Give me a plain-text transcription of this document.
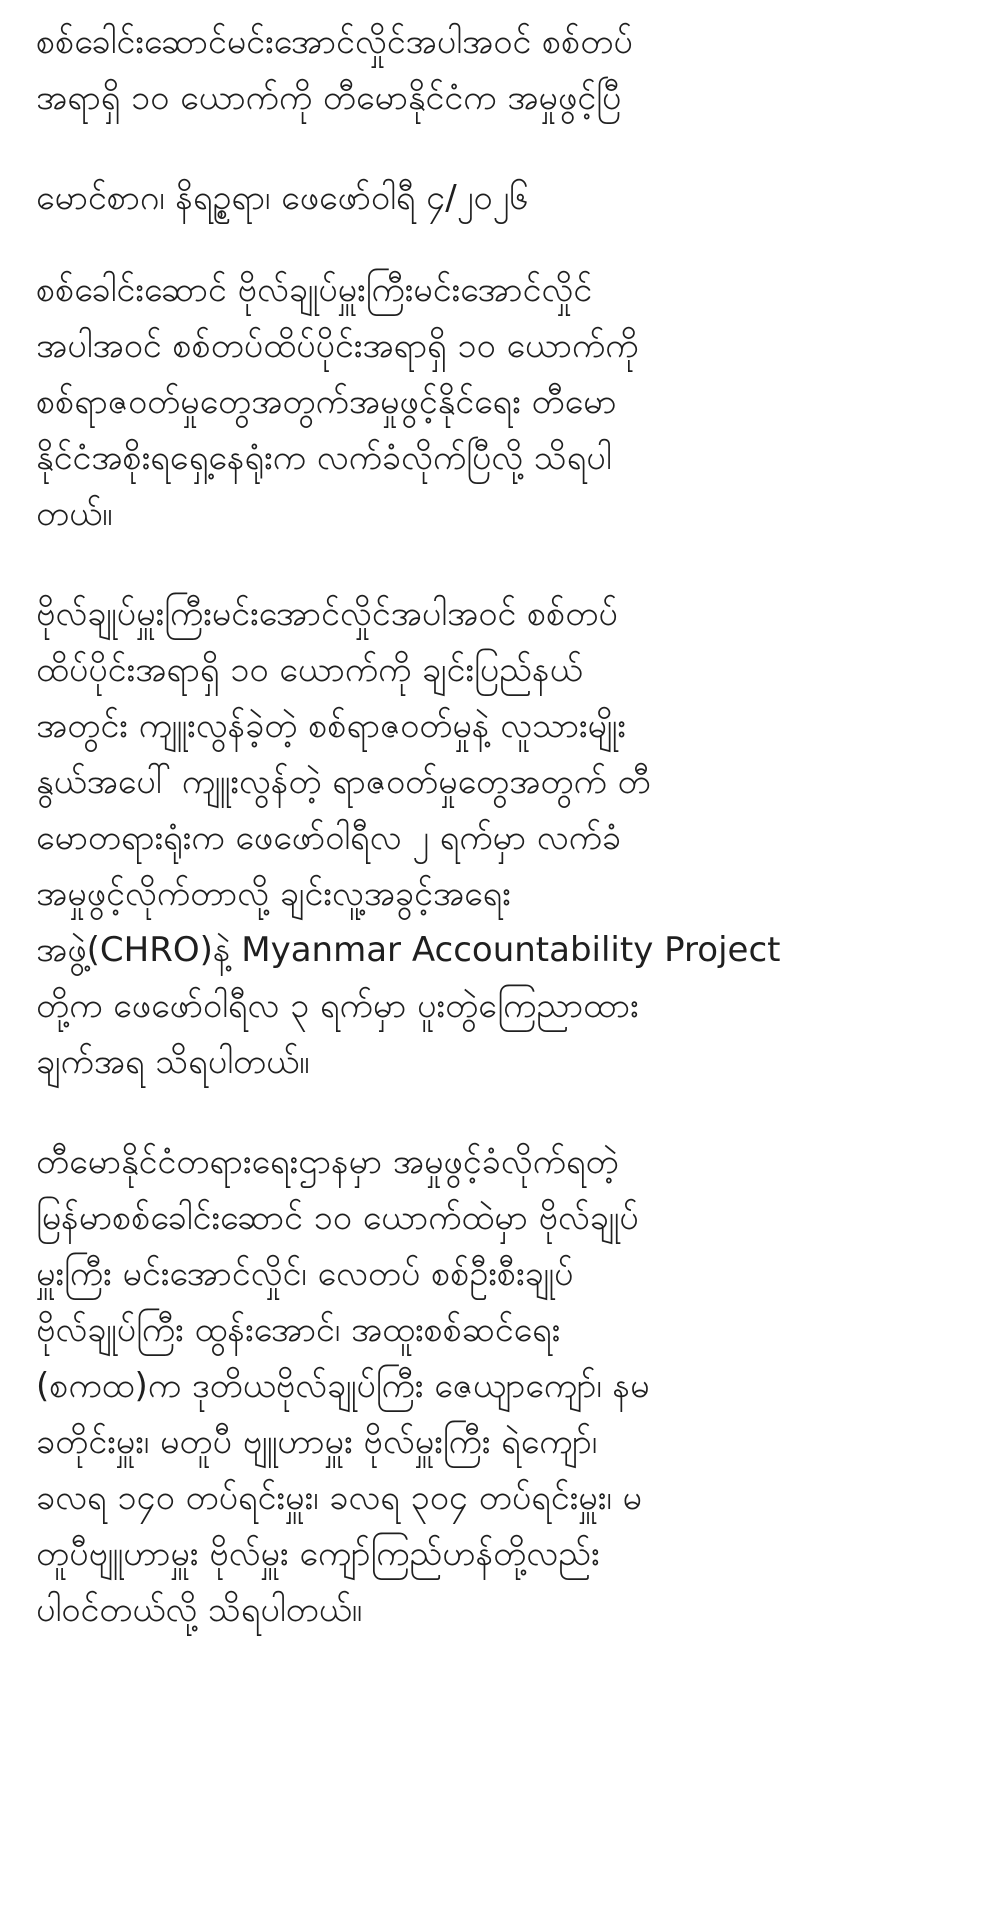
စစ်ခေါင်းဆောင်မင်းအောင်လှိုင်အပါအဝင် စစ်တပ်
အရာရှိ ၁၀ ယောက်ကို တီမောနိုင်ငံက အမှုဖွင့်ပြီ

မောင်စာဂ၊ နိရဥ္စရာ၊ ဖေဖော်ဝါရီ ၄/၂၀၂၆

စစ်ခေါင်းဆောင် ဗိုလ်ချုပ်မှူးကြီးမင်းအောင်လှိုင်
အပါအဝင် စစ်တပ်ထိပ်ပိုင်းအရာရှိ ၁၀ ယောက်ကို
စစ်ရာဇဝတ်မှုတွေအတွက်အမှုဖွင့်နိုင်ရေး တီမော
နိုင်ငံအစိုးရရှေ့နေရုံးက လက်ခံလိုက်ပြီလို့ သိရပါ
တယ်။

ဗိုလ်ချုပ်မှူးကြီးမင်းအောင်လှိုင်အပါအဝင် စစ်တပ်
ထိပ်ပိုင်းအရာရှိ ၁၀ ယောက်ကို ချင်းပြည်နယ်
အတွင်း ကျူးလွန်ခဲ့တဲ့ စစ်ရာဇဝတ်မှုနဲ့ လူသားမျိုး
နွယ်အပေါ် ကျူးလွန်တဲ့ ရာဇဝတ်မှုတွေအတွက် တီ
မောတရားရုံးက ဖေဖော်ဝါရီလ ၂ ရက်မှာ လက်ခံ
အမှုဖွင့်လိုက်တာလို့ ချင်းလူ့အခွင့်အရေး
အဖွဲ့(CHRO)နဲ့ Myanmar Accountability Project
တို့က ဖေဖော်ဝါရီလ ၃ ရက်မှာ ပူးတွဲကြေညာထား
ချက်အရ သိရပါတယ်။

တီမောနိုင်ငံတရားရေးဌာနမှာ အမှုဖွင့်ခံလိုက်ရတဲ့
မြန်မာစစ်ခေါင်းဆောင် ၁၀ ယောက်ထဲမှာ ဗိုလ်ချုပ်
မှူးကြီး မင်းအောင်လှိုင်၊ လေတပ် စစ်ဦးစီးချုပ်
ဗိုလ်ချုပ်ကြီး ထွန်းအောင်၊ အထူးစစ်ဆင်ရေး
(စကထ)က ဒုတိယဗိုလ်ချုပ်ကြီး ဇေယျာကျော်၊ နမ
ခတိုင်းမှူး၊ မတူပီ ဗျူဟာမှူး ဗိုလ်မှူးကြီး ရဲကျော်၊
ခလရ ၁၄၀ တပ်ရင်းမှူး၊ ခလရ ၃၀၄ တပ်ရင်းမှူး၊ မ
တူပီဗျူဟာမှူး ဗိုလ်မှူး ကျော်ကြည်ဟန်တို့လည်း
ပါဝင်တယ်လို့ သိရပါတယ်။
